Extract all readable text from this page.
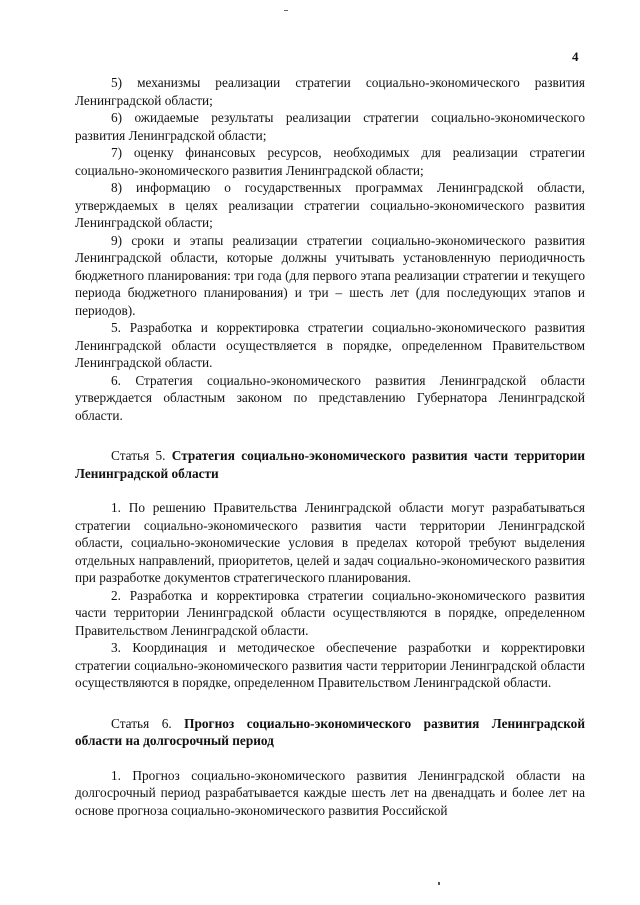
4

5) механизмы реализации стратегии социально-экономического развития Ленинградской области;

6) ожидаемые результаты реализации стратегии социально-экономического развития Ленинградской области;

7) оценку финансовых ресурсов, необходимых для реализации стратегии социально-экономического развития Ленинградской области;

8) информацию о государственных программах Ленинградской области, утверждаемых в целях реализации стратегии социально-экономического развития Ленинградской области;

9) сроки и этапы реализации стратегии социально-экономического развития Ленинградской области, которые должны учитывать установленную периодичность бюджетного планирования: три года (для первого этапа реализации стратегии и текущего периода бюджетного планирования) и три – шесть лет (для последующих этапов и периодов).

5. Разработка и корректировка стратегии социально-экономического развития Ленинградской области осуществляется в порядке, определенном Правительством Ленинградской области.

6. Стратегия социально-экономического развития Ленинградской области утверждается областным законом по представлению Губернатора Ленинградской области.

Статья 5. Стратегия социально-экономического развития части территории Ленинградской области

1. По решению Правительства Ленинградской области могут разрабатываться стратегии социально-экономического развития части территории Ленинградской области, социально-экономические условия в пределах которой требуют выделения отдельных направлений, приоритетов, целей и задач социально-экономического развития при разработке документов стратегического планирования.

2. Разработка и корректировка стратегии социально-экономического развития части территории Ленинградской области осуществляются в порядке, определенном Правительством Ленинградской области.

3. Координация и методическое обеспечение разработки и корректировки стратегии социально-экономического развития части территории Ленинградской области осуществляются в порядке, определенном Правительством Ленинградской области.

Статья 6. Прогноз социально-экономического развития Ленинградской области на долгосрочный период

1. Прогноз социально-экономического развития Ленинградской области на долгосрочный период разрабатывается каждые шесть лет на двенадцать и более лет на основе прогноза социально-экономического развития Российской
